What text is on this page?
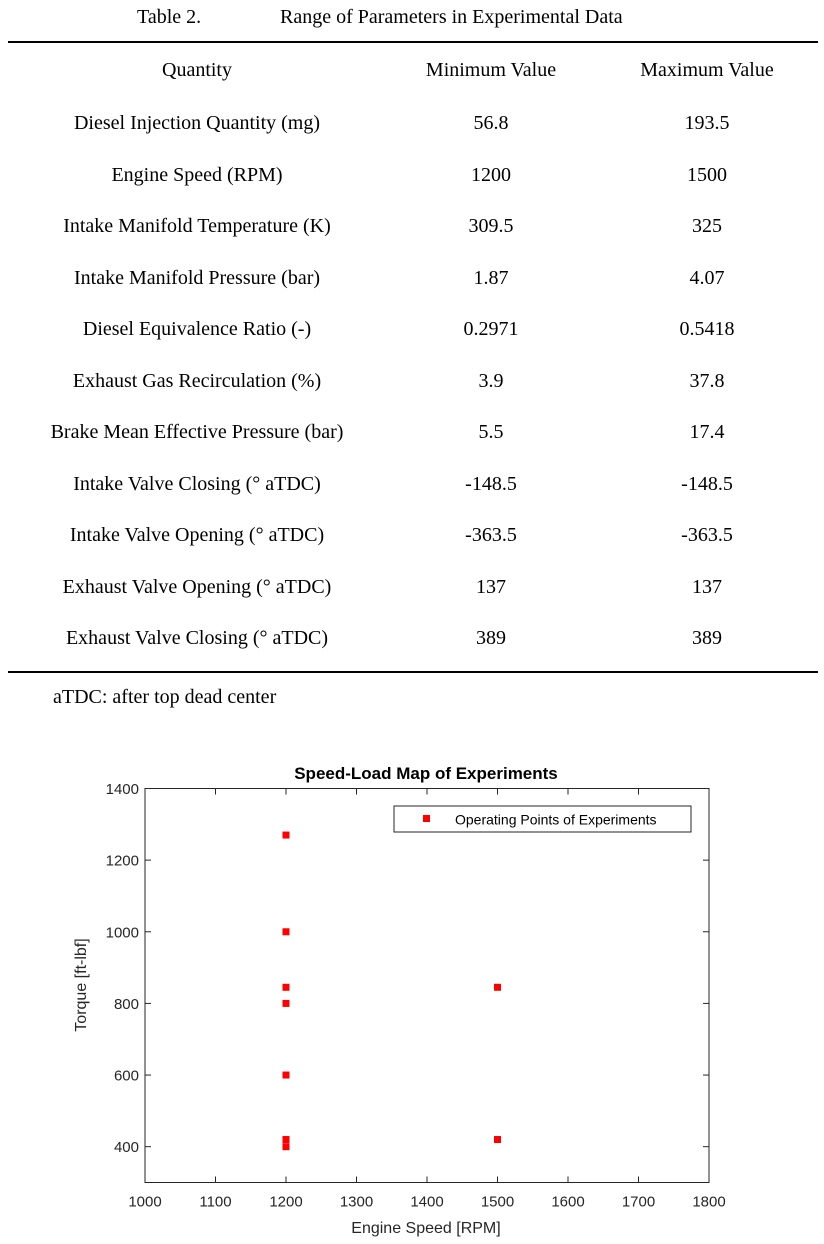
Table 2.	Range of Parameters in Experimental Data
Quantity	Minimum Value	Maximum Value
Diesel Injection Quantity (mg)	56.8	193.5
Engine Speed (RPM)	1200	1500
Intake Manifold Temperature (K)	309.5	325
Intake Manifold Pressure (bar)	1.87	4.07
Diesel Equivalence Ratio (-)	0.2971	0.5418
Exhaust Gas Recirculation (%)	3.9	37.8
Brake Mean Effective Pressure (bar)	5.5	17.4
Intake Valve Closing (° aTDC)	-148.5	-148.5
Intake Valve Opening (° aTDC)	-363.5	-363.5
Exhaust Valve Opening (° aTDC)	137	137
Exhaust Valve Closing (° aTDC)	389	389
aTDC: after top dead center
Speed-Load Map of Experiments
1000	1100	1200 1300 1400 1500 1600 1700 1800
400
600
800
1000
1200
1400
Engine Speed [RPM]
Torque [ft-lbf]
Operating Points of Experiments
